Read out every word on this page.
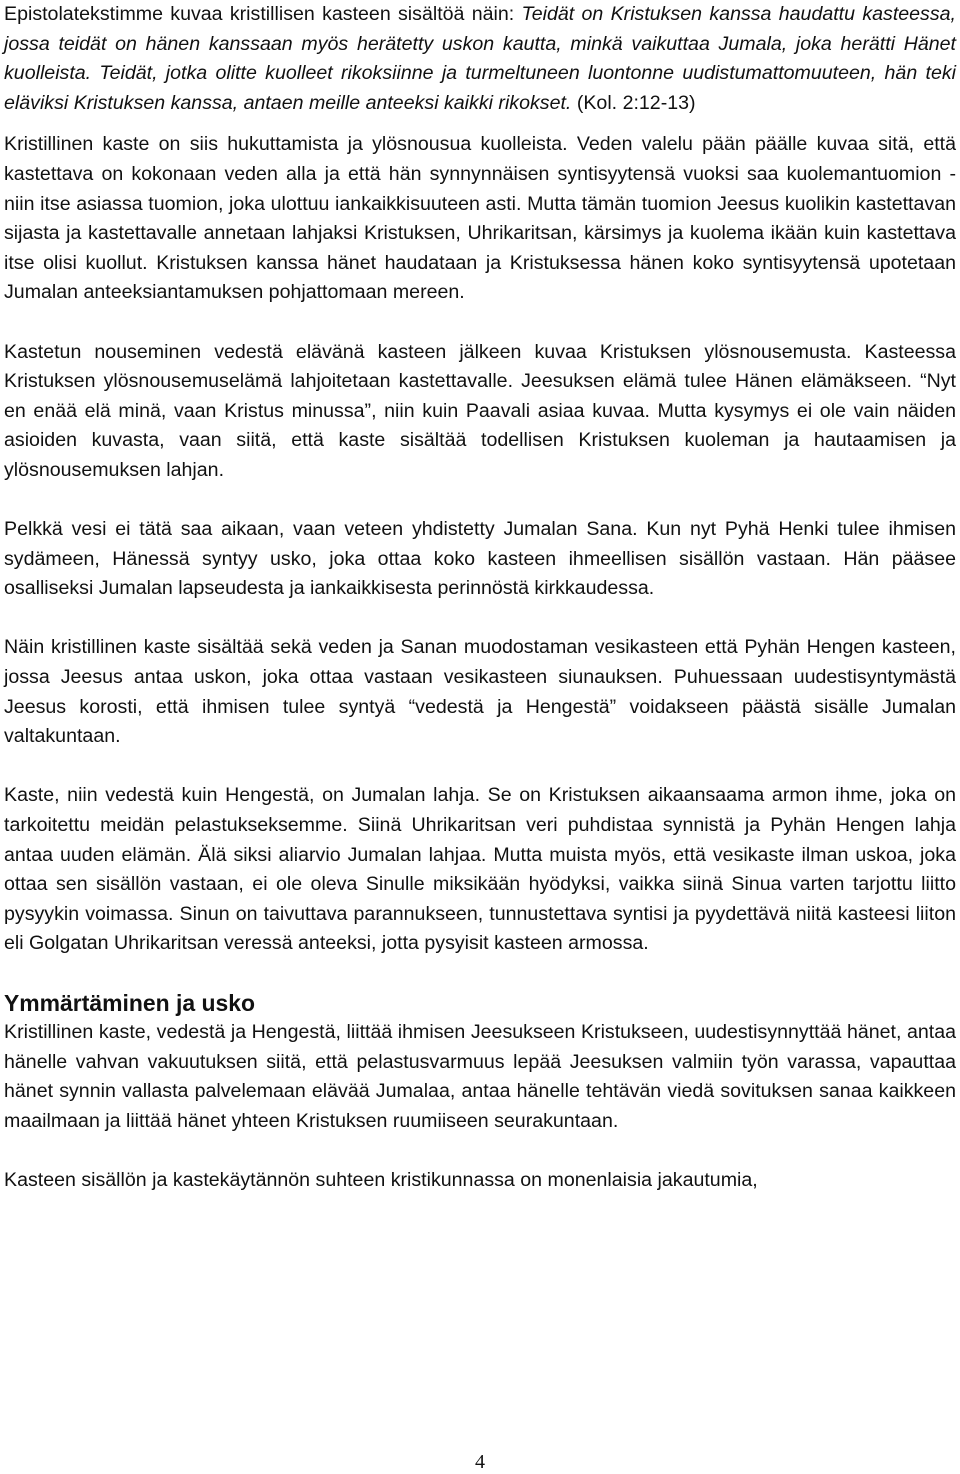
Epistolatekstimme kuvaa kristillisen kasteen sisältöä näin: Teidät on Kristuksen kanssa haudattu kasteessa, jossa teidät on hänen kanssaan myös herätetty uskon kautta, minkä vaikuttaa Jumala, joka herätti Hänet kuolleista. Teidät, jotka olitte kuolleet rikoksiinne ja turmeltuneen luontonne uudistumattomuuteen, hän teki eläviksi Kristuksen kanssa, antaen meille anteeksi kaikki rikokset. (Kol. 2:12-13)

Kristillinen kaste on siis hukuttamista ja ylösnousua kuolleista. Veden valelu pään päälle kuvaa sitä, että kastettava on kokonaan veden alla ja että hän synnynnäisen syntisyytensä vuoksi saa kuolemantuomion - niin itse asiassa tuomion, joka ulottuu iankaikkisuuteen asti. Mutta tämän tuomion Jeesus kuolikin kastettavan sijasta ja kastettavalle annetaan lahjaksi Kristuksen, Uhrikaritsan, kärsimys ja kuolema ikään kuin kastettava itse olisi kuollut. Kristuksen kanssa hänet haudataan ja Kristuksessa hänen koko syntisyytensä upotetaan Jumalan anteeksiantamuksen pohjattomaan mereen.

Kastetun nouseminen vedestä elävänä kasteen jälkeen kuvaa Kristuksen ylösnousemusta. Kasteessa Kristuksen ylösnousemuselämä lahjoitetaan kastettavalle. Jeesuksen elämä tulee Hänen elämäkseen. “Nyt en enää elä minä, vaan Kristus minussa”, niin kuin Paavali asiaa kuvaa. Mutta kysymys ei ole vain näiden asioiden kuvasta, vaan siitä, että kaste sisältää todellisen Kristuksen kuoleman ja hautaamisen ja ylösnousemuksen lahjan.

Pelkkä vesi ei tätä saa aikaan, vaan veteen yhdistetty Jumalan Sana. Kun nyt Pyhä Henki tulee ihmisen sydämeen, Hänessä syntyy usko, joka ottaa koko kasteen ihmeellisen sisällön vastaan. Hän pääsee osalliseksi Jumalan lapseudesta ja iankaikkisesta perinnöstä kirkkaudessa.

Näin kristillinen kaste sisältää sekä veden ja Sanan muodostaman vesikasteen että Pyhän Hengen kasteen, jossa Jeesus antaa uskon, joka ottaa vastaan vesikasteen siunauksen. Puhuessaan uudestisyntymästä Jeesus korosti, että ihmisen tulee syntyä “vedestä ja Hengestä” voidakseen päästä sisälle Jumalan valtakuntaan.

Kaste, niin vedestä kuin Hengestä, on Jumalan lahja. Se on Kristuksen aikaansaama armon ihme, joka on tarkoitettu meidän pelastukseksemme. Siinä Uhrikaritsan veri puhdistaa synnistä ja Pyhän Hengen lahja antaa uuden elämän. Älä siksi aliarvio Jumalan lahjaa. Mutta muista myös, että vesikaste ilman uskoa, joka ottaa sen sisällön vastaan, ei ole oleva Sinulle miksikään hyödyksi, vaikka siinä Sinua varten tarjottu liitto pysyykin voimassa. Sinun on taivuttava parannukseen, tunnustettava syntisi ja pyydettävä niitä kasteesi liiton eli Golgatan Uhrikaritsan veressä anteeksi, jotta pysyisit kasteen armossa.

Ymmärtäminen ja usko

Kristillinen kaste, vedestä ja Hengestä, liittää ihmisen Jeesukseen Kristukseen, uudestisynnyttää hänet, antaa hänelle vahvan vakuutuksen siitä, että pelastusvarmuus lepää Jeesuksen valmiin työn varassa, vapauttaa hänet synnin vallasta palvelemaan elävää Jumalaa, antaa hänelle tehtävän viedä sovituksen sanaa kaikkeen maailmaan ja liittää hänet yhteen Kristuksen ruumiiseen seurakuntaan.

Kasteen sisällön ja kastekäytännön suhteen kristikunnassa on monenlaisia jakautumia,

4
